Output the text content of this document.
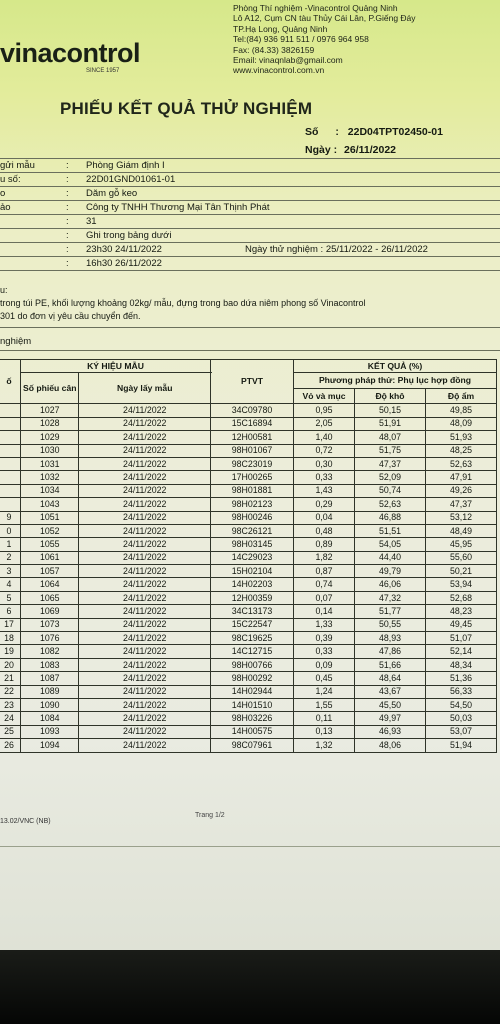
vinacontrol
SINCE 1957
Phòng Thí nghiệm -Vinacontrol Quảng Ninh
Lô A12, Cụm CN tàu Thủy Cái Lân, P.Giếng Đáy
TP.Hạ Long, Quảng Ninh
Tel:(84) 936 911 511 / 0976 964 958
Fax: (84.33) 3826159
Email: vinaqnlab@gmail.com
www.vinacontrol.com.vn
PHIẾU KẾT QUẢ THỬ NGHIỆM
Số : 22D04TPT02450-01
Ngày : 26/11/2022
gửi mẫu	: Phòng Giám định I
u số:	: 22D01GND01061-01
o	: Dăm gỗ keo
ảo	: Công ty TNHH Thương Mại Tân Thịnh Phát
: 31
: Ghi trong bảng dưới
: 23h30 24/11/2022	Ngày thử nghiệm : 25/11/2022 - 26/11/2022
: 16h30 26/11/2022
u:
trong túi PE, khối lượng khoảng 02kg/ mẫu, đựng trong bao dứa niêm phong số Vinacontrol
301 do đơn vị yêu cầu chuyển đến.
nghiệm
ố	KÝ HIỆU MẪU		PTVT	KẾT QUẢ (%)		
	Số phiếu cân	Ngày lấy mẫu		Phương pháp thử: Phụ lục hợp đồng		
				Vỏ và mục	Độ khô	Độ ẩm
	1027	24/11/2022	34C09780	0,95	50,15	49,85
	1028	24/11/2022	15C16894	2,05	51,91	48,09
	1029	24/11/2022	12H00581	1,40	48,07	51,93
	1030	24/11/2022	98H01067	0,72	51,75	48,25
	1031	24/11/2022	98C23019	0,30	47,37	52,63
	1032	24/11/2022	17H00265	0,33	52,09	47,91
	1034	24/11/2022	98H01881	1,43	50,74	49,26
	1043	24/11/2022	98H02123	0,29	52,63	47,37
9	1051	24/11/2022	98H00246	0,04	46,88	53,12
0	1052	24/11/2022	98C26121	0,48	51,51	48,49
1	1055	24/11/2022	98H03145	0,89	54,05	45,95
2	1061	24/11/2022	14C29023	1,82	44,40	55,60
3	1057	24/11/2022	15H02104	0,87	49,79	50,21
4	1064	24/11/2022	14H02203	0,74	46,06	53,94
5	1065	24/11/2022	12H00359	0,07	47,32	52,68
6	1069	24/11/2022	34C13173	0,14	51,77	48,23
17	1073	24/11/2022	15C22547	1,33	50,55	49,45
18	1076	24/11/2022	98C19625	0,39	48,93	51,07
19	1082	24/11/2022	14C12715	0,33	47,86	52,14
20	1083	24/11/2022	98H00766	0,09	51,66	48,34
21	1087	24/11/2022	98H00292	0,45	48,64	51,36
22	1089	24/11/2022	14H02944	1,24	43,67	56,33
23	1090	24/11/2022	14H01510	1,55	45,50	54,50
24	1084	24/11/2022	98H03226	0,11	49,97	50,03
25	1093	24/11/2022	14H00575	0,13	46,93	53,07
26	1094	24/11/2022	98C07961	1,32	48,06	51,94
Trang 1/2
13.02/VNC (NB)
